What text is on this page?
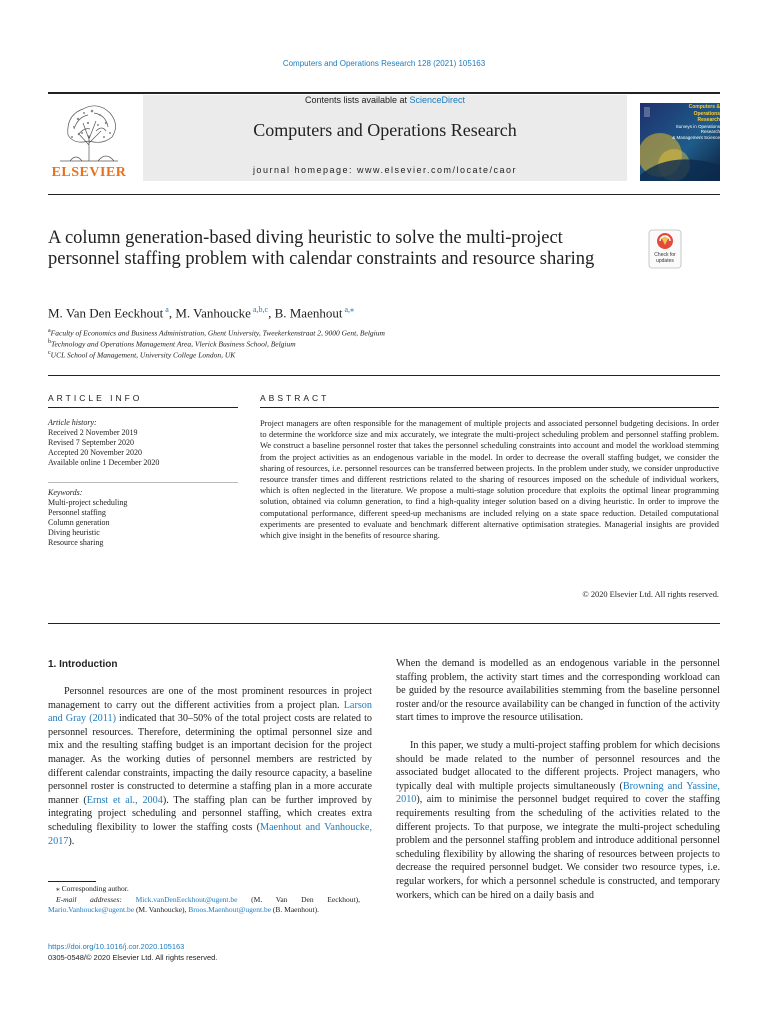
Computers and Operations Research 128 (2021) 105163
ELSEVIER
Contents lists available at ScienceDirect
Computers and Operations Research
journal homepage: www.elsevier.com/locate/caor
Computers &
Operations Research
Surveys in Operations Research
& Management Science
A column generation-based diving heuristic to solve the multi-project personnel staffing problem with calendar constraints and resource sharing	Check for updates
M. Van Den Eeckhout $^a$, M. Vanhoucke $^{a,b,c}$, B. Maenhout $^{a,⁎}$
$^a$Faculty of Economics and Business Administration, Ghent University, Tweekerkenstraat 2, 9000 Gent, Belgium
$^b$Technology and Operations Management Area, Vlerick Business School, Belgium
$^c$UCL School of Management, University College London, UK
ARTICLE INFO
Article history:
Received 2 November 2019
Revised 7 September 2020
Accepted 20 November 2020
Available online 1 December 2020
Keywords:
Multi-project scheduling
Personnel staffing
Column generation
Diving heuristic
Resource sharing
ABSTRACT
Project managers are often responsible for the management of multiple projects and associated personnel budgeting decisions. In order to determine the workforce size and mix accurately, we integrate the multi-project scheduling problem and personnel staffing problem. We construct a baseline personnel roster that takes the personnel scheduling constraints into account and model the workload stemming from the project activities as an endogenous variable in the model. In order to decrease the overall staffing budget, we consider the sharing of resources, i.e. personnel resources can be transferred between projects. In the problem under study, we consider unproductive resource transfer times and different restrictions related to the sharing of resources imposed on the schedule of individual workers, which is often neglected in the literature. We propose a multi-stage solution procedure that exploits the optimal linear programming solution, obtained via column generation, to find a high-quality integer solution based on a diving heuristic. In order to improve the computational performance, different speed-up mechanisms are included relying on a state space reduction. Detailed computational experiments are presented to evaluate and benchmark different alternative optimisation strategies. Managerial insights are provided which give insight in the benefits of resource sharing.
© 2020 Elsevier Ltd. All rights reserved.
1. Introduction
Personnel resources are one of the most prominent resources in project management to carry out the different activities from a project plan. Larson and Gray (2011) indicated that 30–50% of the total project costs are related to personnel resources. Therefore, determining the optimal personnel size and mix and the resulting staffing budget is an important decision for the project manager. As the working duties of personnel members are restricted by different calendar constraints, impacting the daily resource capacity, a baseline personnel roster is constructed to determine a staffing plan in a more accurate manner (Ernst et al., 2004). The staffing plan can be further improved by integrating project scheduling and personnel staffing, which creates extra scheduling flexibility to lower the staffing costs (Maenhout and Vanhoucke, 2017).
⁎ Corresponding author.
E-mail addresses: Mick.vanDenEeckhout@ugent.be (M. Van Den Eeckhout), Mario.Vanhoucke@ugent.be (M. Vanhoucke), Broos.Maenhout@ugent.be (B. Maenhout).
https://doi.org/10.1016/j.cor.2020.105163
0305-0548/© 2020 Elsevier Ltd. All rights reserved.
When the demand is modelled as an endogenous variable in the personnel staffing problem, the activity start times and the corresponding workload can be guided by the resource availabilities stemming from the baseline personnel roster and/or the resource availability can be changed in function of the activity start times to improve the resource utilisation.
In this paper, we study a multi-project staffing problem for which decisions should be made related to the number of personnel resources and the associated budget allocated to the different projects. Project managers, who typically deal with multiple projects simultaneously (Browning and Yassine, 2010), aim to minimise the personnel budget required to cover the staffing requirements resulting from the scheduling of the activities related to the different projects. To that purpose, we integrate the multi-project scheduling problem and the personnel staffing problem and introduce additional personnel scheduling flexibility by allowing the sharing of resources between projects to decrease the required personnel budget. We consider two resource types, i.e. regular workers, for which a personnel schedule is constructed, and temporary workers, which can be hired on a daily basis and
